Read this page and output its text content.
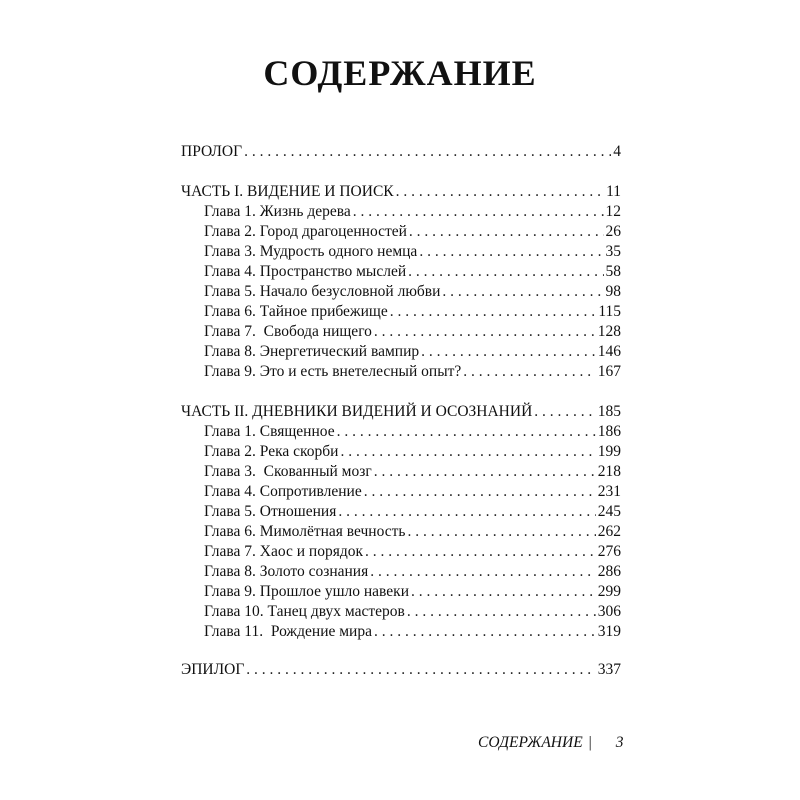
СОДЕРЖАНИЕ
ПРОЛОГ . . .	4
ЧАСТЬ I. ВИДЕНИЕ И ПОИСК . . .	11
Глава 1. Жизнь дерева . . .	12
Глава 2. Город драгоценностей . . .	26
Глава 3. Мудрость одного немца . . .	35
Глава 4. Пространство мыслей . . .	58
Глава 5. Начало безусловной любви . . .	98
Глава 6. Тайное прибежище . . .	115
Глава 7.  Свобода нищего . . .	128
Глава 8. Энергетический вампир . . .	146
Глава 9. Это и есть внетелесный опыт? . . .	167
ЧАСТЬ II. ДНЕВНИКИ ВИДЕНИЙ И ОСОЗНАНИЙ . . .	185
Глава 1. Священное . . .	186
Глава 2. Река скорби . . .	199
Глава 3.  Скованный мозг . . .	218
Глава 4. Сопротивление . . .	231
Глава 5. Отношения . . .	245
Глава 6. Мимолётная вечность . . .	262
Глава 7. Хаос и порядок . . .	276
Глава 8. Золото сознания . . .	286
Глава 9. Прошлое ушло навеки . . .	299
Глава 10. Танец двух мастеров . . .	306
Глава 11.  Рождение мира . . .	319
ЭПИЛОГ . . .	337
СОДЕРЖАНИЕ | 3
